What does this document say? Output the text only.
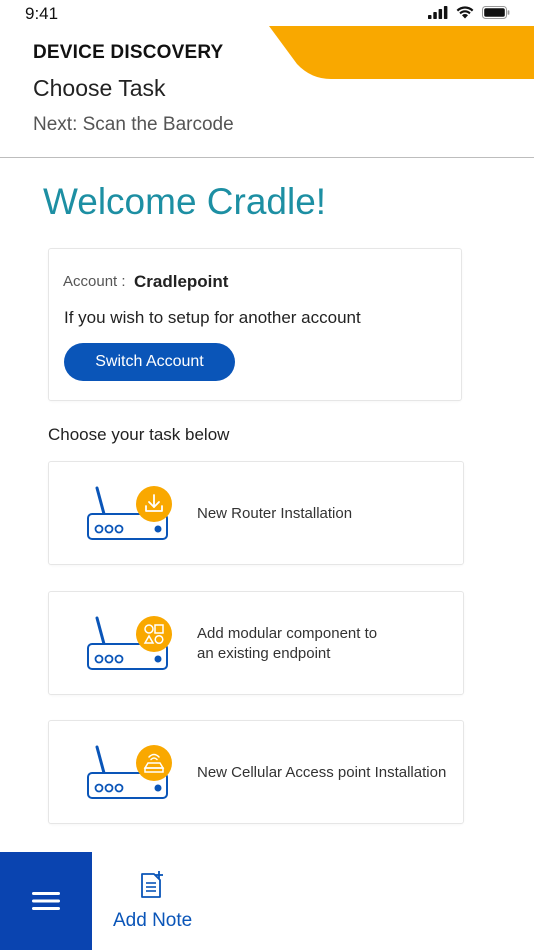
9:41
DEVICE DISCOVERY
Choose Task
Next: Scan the Barcode
Welcome Cradle!
Account : Cradlepoint
If you wish to setup for another account
Switch Account
Choose your task below
New Router Installation
Add modular component to
an existing endpoint
New Cellular Access point Installation
Add Note
